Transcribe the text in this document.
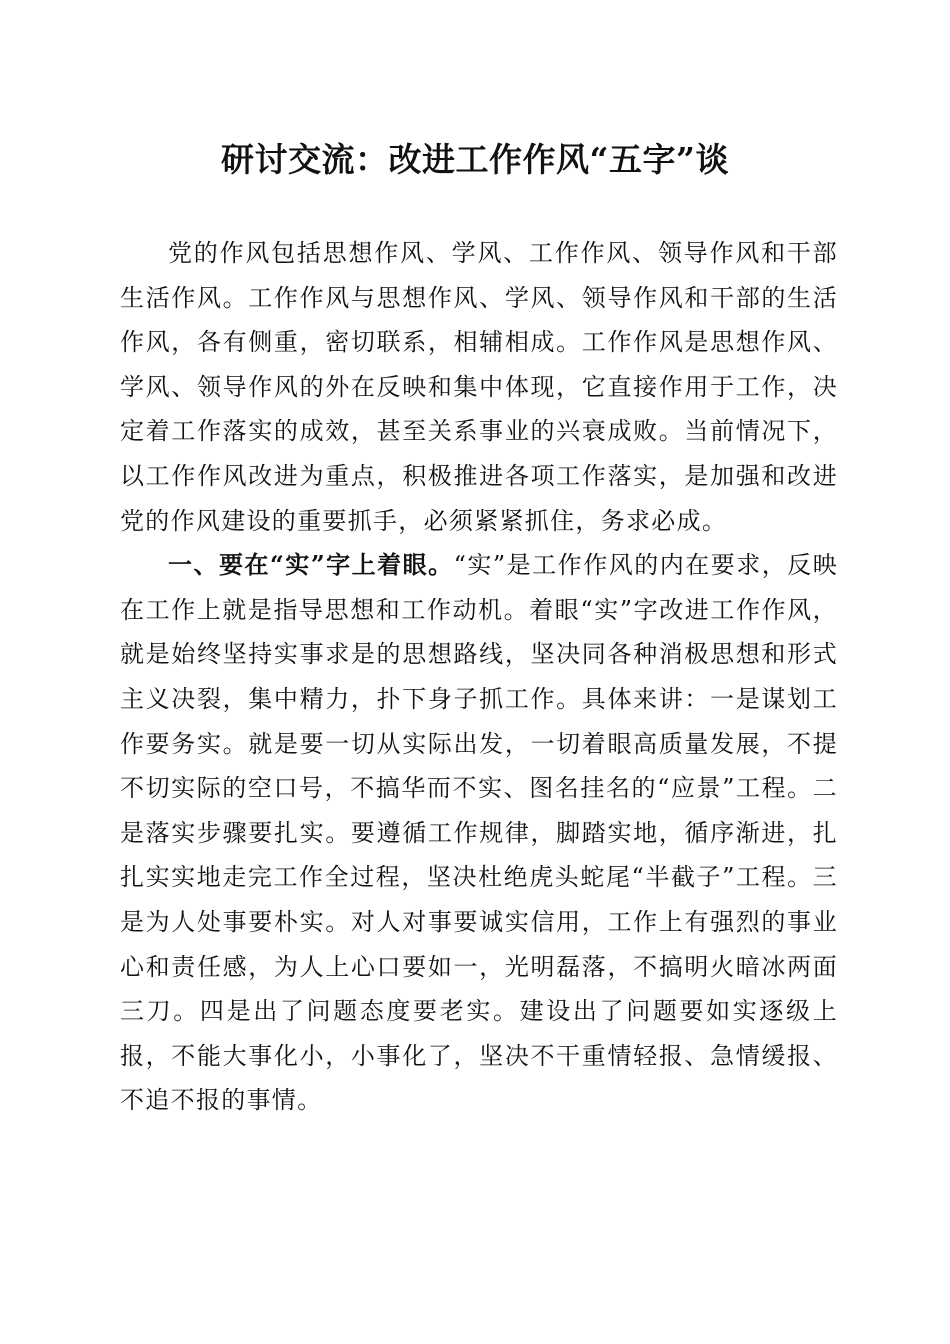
研讨交流：改进工作作风“五字”谈

党的作风包括思想作风、学风、工作作风、领导作风和干部生活作风。工作作风与思想作风、学风、领导作风和干部的生活作风，各有侧重，密切联系，相辅相成。工作作风是思想作风、学风、领导作风的外在反映和集中体现，它直接作用于工作，决定着工作落实的成效，甚至关系事业的兴衰成败。当前情况下，以工作作风改进为重点，积极推进各项工作落实，是加强和改进党的作风建设的重要抓手，必须紧紧抓住，务求必成。

一、要在“实”字上着眼。“实”是工作作风的内在要求，反映在工作上就是指导思想和工作动机。着眼“实”字改进工作作风，就是始终坚持实事求是的思想路线，坚决同各种消极思想和形式主义决裂，集中精力，扑下身子抓工作。具体来讲：一是谋划工作要务实。就是要一切从实际出发，一切着眼高质量发展，不提不切实际的空口号，不搞华而不实、图名挂名的“应景”工程。二是落实步骤要扎实。要遵循工作规律，脚踏实地，循序渐进，扎扎实实地走完工作全过程，坚决杜绝虎头蛇尾“半截子”工程。三是为人处事要朴实。对人对事要诚实信用，工作上有强烈的事业心和责任感，为人上心口要如一，光明磊落，不搞明火暗冰两面三刀。四是出了问题态度要老实。建设出了问题要如实逐级上报，不能大事化小，小事化了，坚决不干重情轻报、急情缓报、不追不报的事情。
